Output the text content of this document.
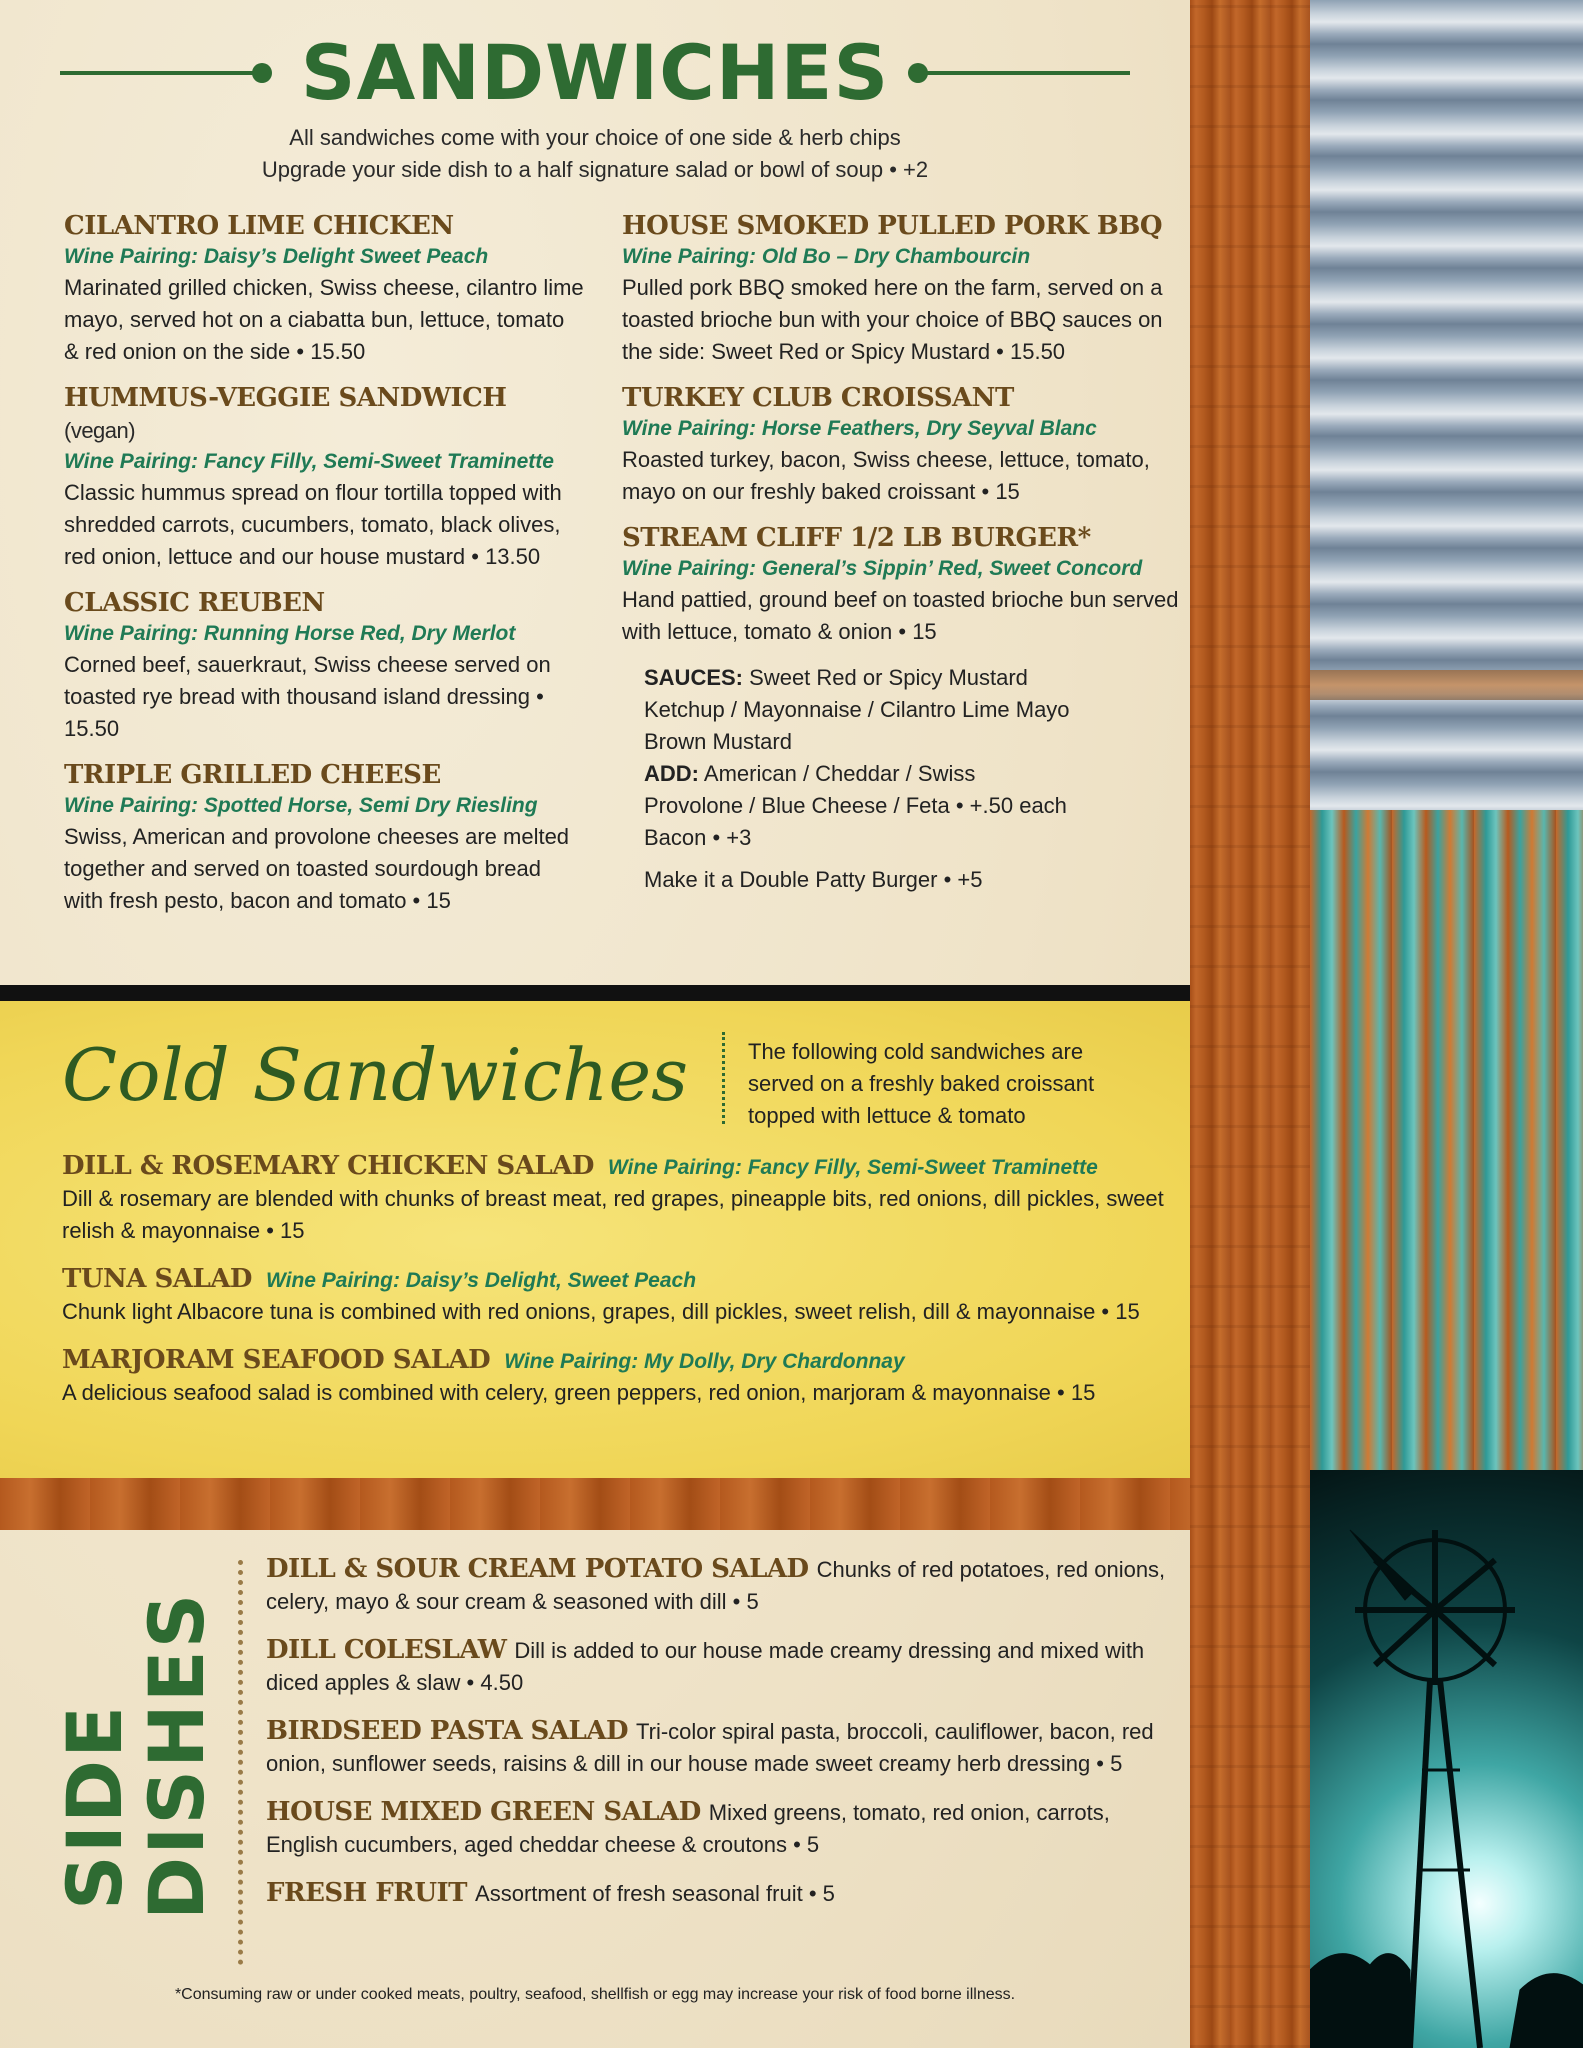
SANDWICHES
All sandwiches come with your choice of one side & herb chips
Upgrade your side dish to a half signature salad or bowl of soup • +2
CILANTRO LIME CHICKEN
Wine Pairing: Daisy’s Delight Sweet Peach
Marinated grilled chicken, Swiss cheese, cilantro lime mayo, served hot on a ciabatta bun, lettuce, tomato & red onion on the side • 15.50
HUMMUS-VEGGIE SANDWICH (vegan)
Wine Pairing: Fancy Filly, Semi-Sweet Traminette
Classic hummus spread on flour tortilla topped with shredded carrots, cucumbers, tomato, black olives, red onion, lettuce and our house mustard • 13.50
CLASSIC REUBEN
Wine Pairing: Running Horse Red, Dry Merlot
Corned beef, sauerkraut, Swiss cheese served on toasted rye bread with thousand island dressing • 15.50
TRIPLE GRILLED CHEESE
Wine Pairing: Spotted Horse, Semi Dry Riesling
Swiss, American and provolone cheeses are melted together and served on toasted sourdough bread with fresh pesto, bacon and tomato • 15
HOUSE SMOKED PULLED PORK BBQ
Wine Pairing: Old Bo – Dry Chambourcin
Pulled pork BBQ smoked here on the farm, served on a toasted brioche bun with your choice of BBQ sauces on the side: Sweet Red or Spicy Mustard • 15.50
TURKEY CLUB CROISSANT
Wine Pairing: Horse Feathers, Dry Seyval Blanc
Roasted turkey, bacon, Swiss cheese, lettuce, tomato, mayo on our freshly baked croissant • 15
STREAM CLIFF 1/2 LB BURGER*
Wine Pairing: General’s Sippin’ Red, Sweet Concord
Hand pattied, ground beef on toasted brioche bun served with lettuce, tomato & onion • 15
SAUCES: Sweet Red or Spicy Mustard
Ketchup / Mayonnaise / Cilantro Lime Mayo
Brown Mustard
ADD: American / Cheddar / Swiss
Provolone / Blue Cheese / Feta • +.50 each
Bacon • +3
Make it a Double Patty Burger • +5
Cold Sandwiches	The following cold sandwiches are served on a freshly baked croissant topped with lettuce & tomato
DILL & ROSEMARY CHICKEN SALAD Wine Pairing: Fancy Filly, Semi-Sweet Traminette
Dill & rosemary are blended with chunks of breast meat, red grapes, pineapple bits, red onions, dill pickles, sweet relish & mayonnaise • 15
TUNA SALAD Wine Pairing: Daisy’s Delight, Sweet Peach
Chunk light Albacore tuna is combined with red onions, grapes, dill pickles, sweet relish, dill & mayonnaise • 15
MARJORAM SEAFOOD SALAD Wine Pairing: My Dolly, Dry Chardonnay
A delicious seafood salad is combined with celery, green peppers, red onion, marjoram & mayonnaise • 15
SIDE
DISHES
DILL & SOUR CREAM POTATO SALAD Chunks of red potatoes, red onions, celery, mayo & sour cream & seasoned with dill • 5
DILL COLESLAW Dill is added to our house made creamy dressing and mixed with diced apples & slaw • 4.50
BIRDSEED PASTA SALAD Tri-color spiral pasta, broccoli, cauliflower, bacon, red onion, sunflower seeds, raisins & dill in our house made sweet creamy herb dressing • 5
HOUSE MIXED GREEN SALAD Mixed greens, tomato, red onion, carrots, English cucumbers, aged cheddar cheese & croutons • 5
FRESH FRUIT Assortment of fresh seasonal fruit • 5
*Consuming raw or under cooked meats, poultry, seafood, shellfish or egg may increase your risk of food borne illness.
